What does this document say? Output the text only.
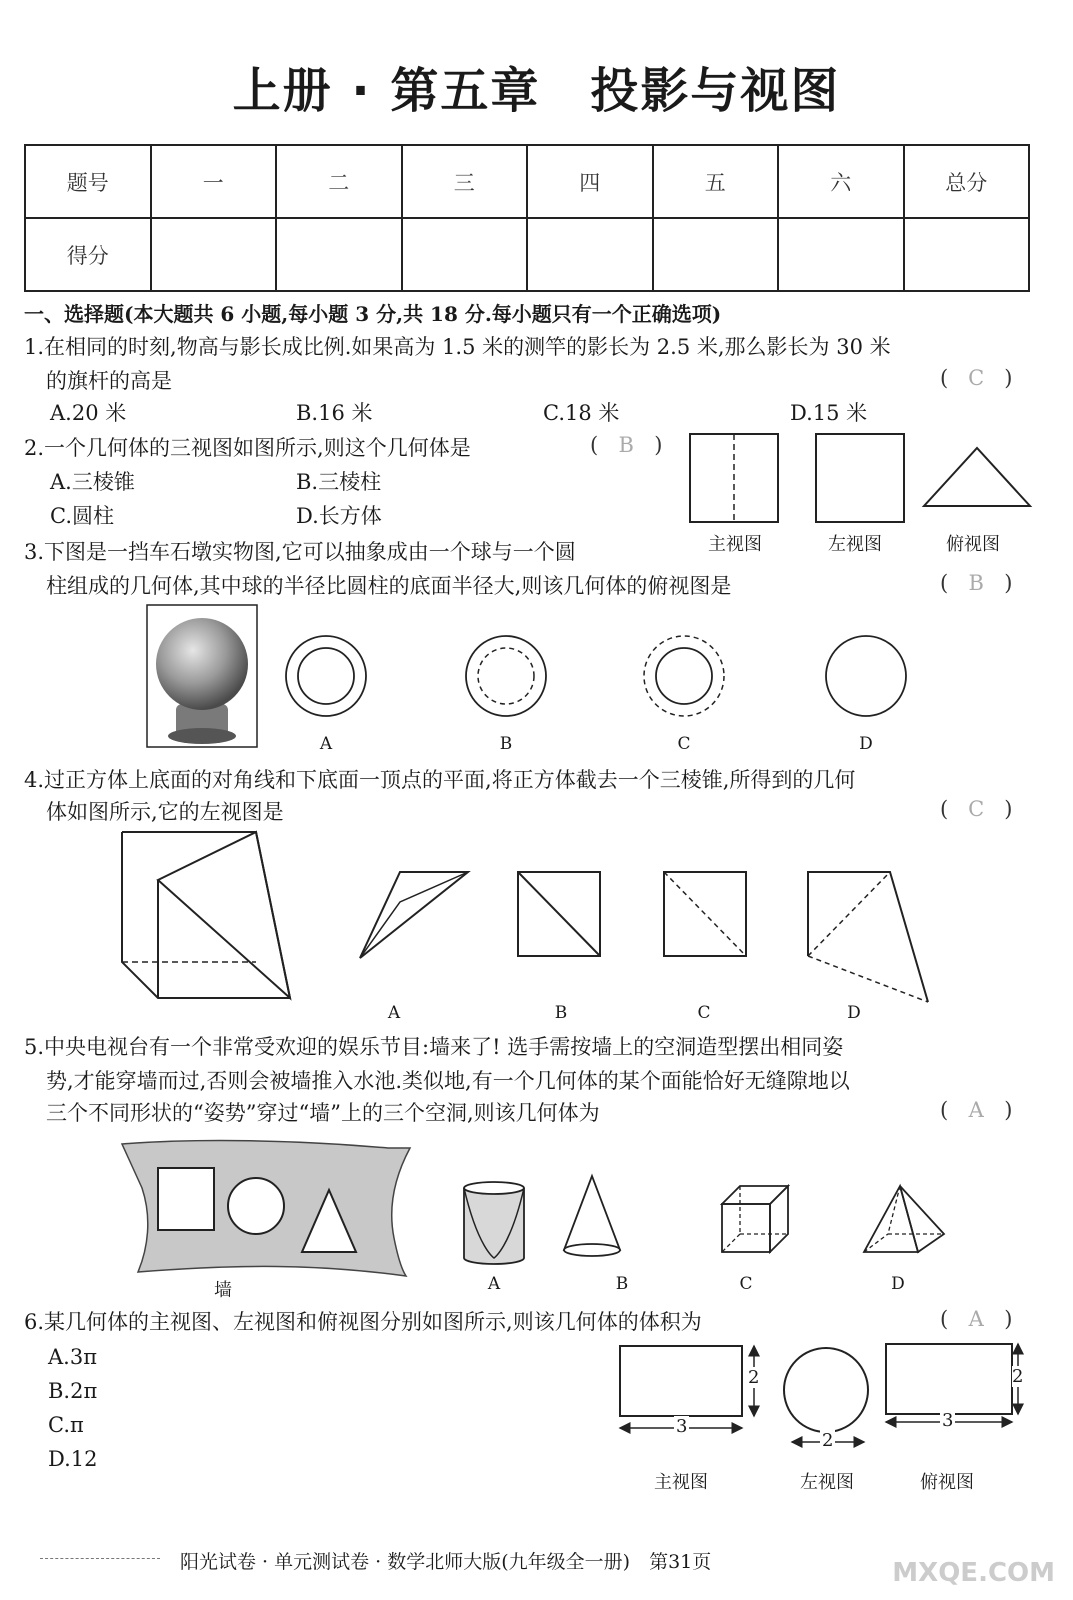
上册 · 第五章　投影与视图
题号	一	二	三	四	五	六	总分
得分							
一、选择题(本大题共 6 小题,每小题 3 分,共 18 分.每小题只有一个正确选项)
1.在相同的时刻,物高与影长成比例.如果高为 1.5 米的测竿的影长为 2.5 米,那么影长为 30 米
的旗杆的高是	( C )
A.20 米	B.16 米	C.18 米	D.15 米
2.一个几何体的三视图如图所示,则这个几何体是	( B )
A.三棱锥	B.三棱柱
C.圆柱	D.长方体
主视图	左视图	俯视图
3.下图是一挡车石墩实物图,它可以抽象成由一个球与一个圆
柱组成的几何体,其中球的半径比圆柱的底面半径大,则该几何体的俯视图是	( B )
A	B	C	D
4.过正方体上底面的对角线和下底面一顶点的平面,将正方体截去一个三棱锥,所得到的几何
体如图所示,它的左视图是	( C )
A	B	C	D
5.中央电视台有一个非常受欢迎的娱乐节目:墙来了! 选手需按墙上的空洞造型摆出相同姿
势,才能穿墙而过,否则会被墙推入水池.类似地,有一个几何体的某个面能恰好无缝隙地以
三个不同形状的“姿势”穿过“墙”上的三个空洞,则该几何体为	( A )
墙	A	B	C	D
6.某几何体的主视图、左视图和俯视图分别如图所示,则该几何体的体积为	( A )
A.3π
B.2π
C.π
D.12
3
2
2
3
2
主视图	左视图	俯视图
阳光试卷 · 单元测试卷 · 数学北师大版(九年级全一册)　第31页	MXQE.COM
